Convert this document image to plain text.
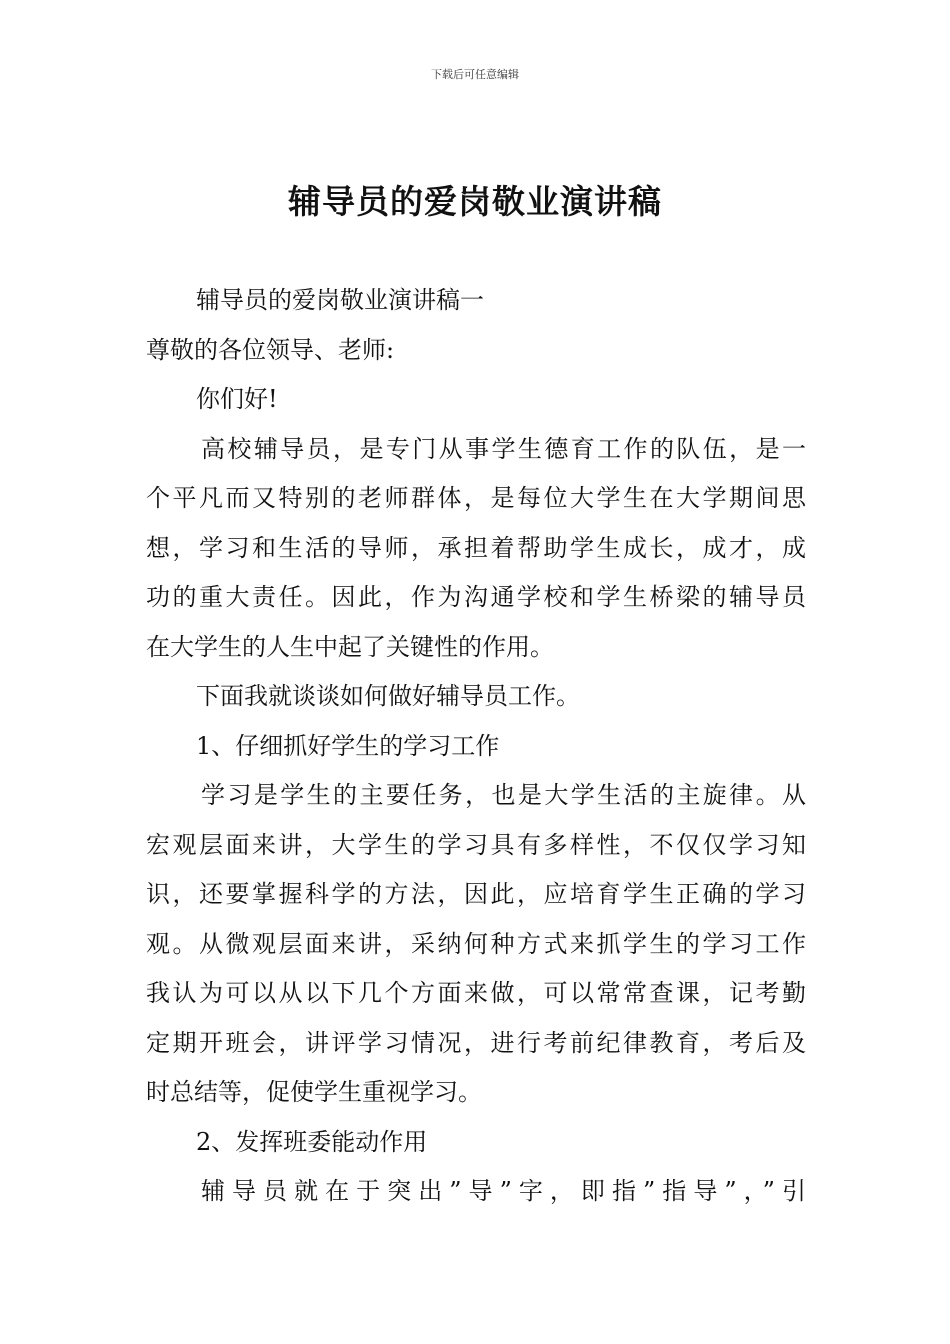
下载后可任意编辑
辅导员的爱岗敬业演讲稿
辅导员的爱岗敬业演讲稿一
尊敬的各位领导、老师:
你们好!
高校辅导员，是专门从事学生德育工作的队伍，是一
个平凡而又特别的老师群体，是每位大学生在大学期间思
想，学习和生活的导师，承担着帮助学生成长，成才，成
功的重大责任。因此，作为沟通学校和学生桥梁的辅导员
在大学生的人生中起了关键性的作用。
下面我就谈谈如何做好辅导员工作。
1、仔细抓好学生的学习工作
学习是学生的主要任务，也是大学生活的主旋律。从
宏观层面来讲，大学生的学习具有多样性，不仅仅学习知
识，还要掌握科学的方法，因此，应培育学生正确的学习
观。从微观层面来讲，采纳何种方式来抓学生的学习工作
我认为可以从以下几个方面来做，可以常常查课，记考勤
定期开班会，讲评学习情况，进行考前纪律教育，考后及
时总结等，促使学生重视学习。
2、发挥班委能动作用
辅导员就在于突出”导”字，即指”指导”，”引
